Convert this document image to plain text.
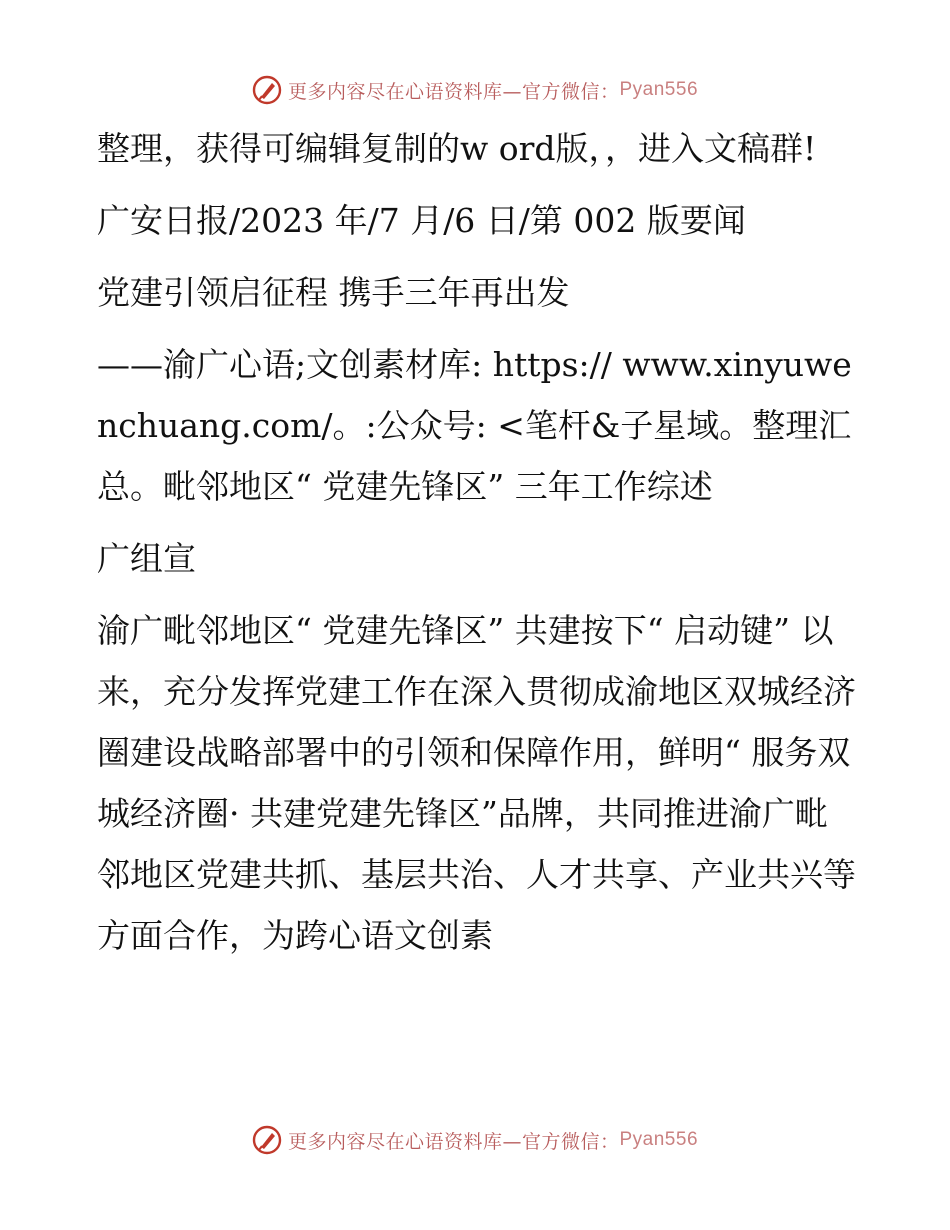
更多内容尽在心语资料库—官方微信： Pyan556

整理，获得可编辑复制的w ord版，，进入文稿群!

广安日报/2023 年/7 月/6 日/第 002 版要闻

党建引领启征程 携手三年再出发

——渝广心语;文创素材库: https:// www.xinyuwenchuang.com/。:公众号: <笔杆&子星域。整理汇总。毗邻地区“ 党建先锋区” 三年工作综述

广组宣

渝广毗邻地区“ 党建先锋区” 共建按下“ 启动键” 以来，充分发挥党建工作在深入贯彻成渝地区双城经济圈建设战略部署中的引领和保障作用，鲜明“ 服务双城经济圈· 共建党建先锋区”品牌，共同推进渝广毗邻地区党建共抓、基层共治、人才共享、产业共兴等方面合作，为跨心语文创素

更多内容尽在心语资料库—官方微信： Pyan556
